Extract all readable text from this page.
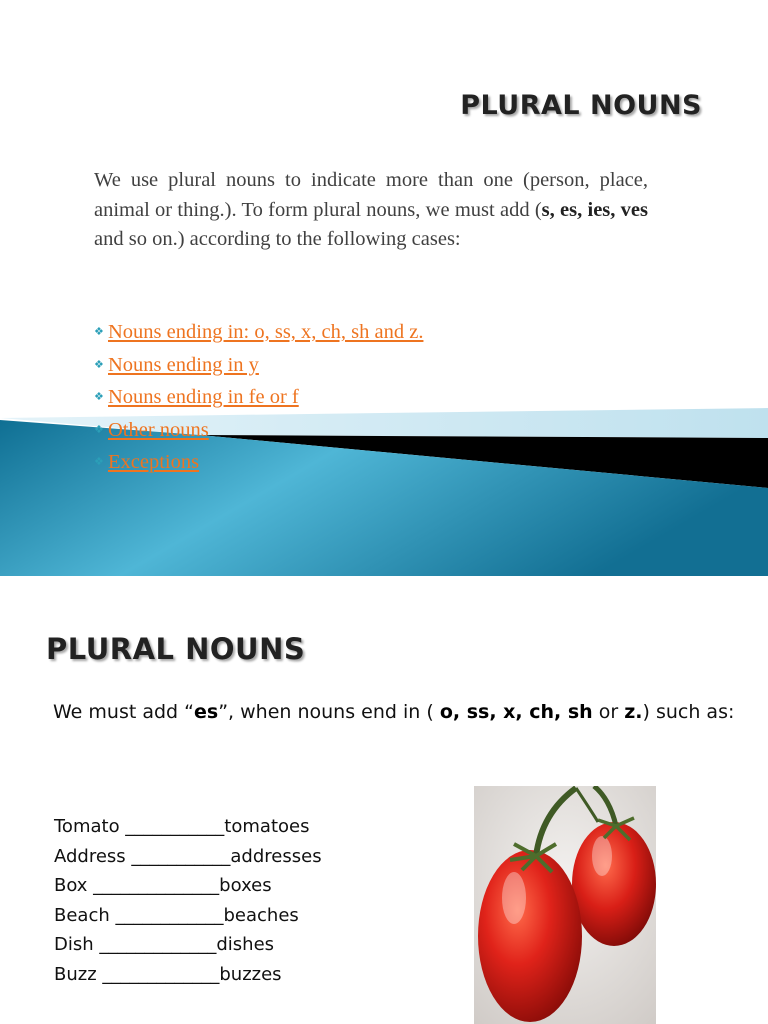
PLURAL NOUNS

We use plural nouns to indicate more than one (person, place, animal or thing.). To form plural nouns, we must add (s, es, ies, ves and so on.) according to the following cases:

❖ Nouns ending in: o, ss, x, ch, sh and z.
❖ Nouns ending in y
❖ Nouns ending in fe or f
❖ Other nouns
❖ Exceptions
PLURAL NOUNS

We must add “es”, when nouns end in ( o, ss, x, ch, sh or z.) such as:

Tomato ___________tomatoes
Address ___________addresses
Box ______________boxes
Beach ____________beaches
Dish _____________dishes
Buzz _____________buzzes
